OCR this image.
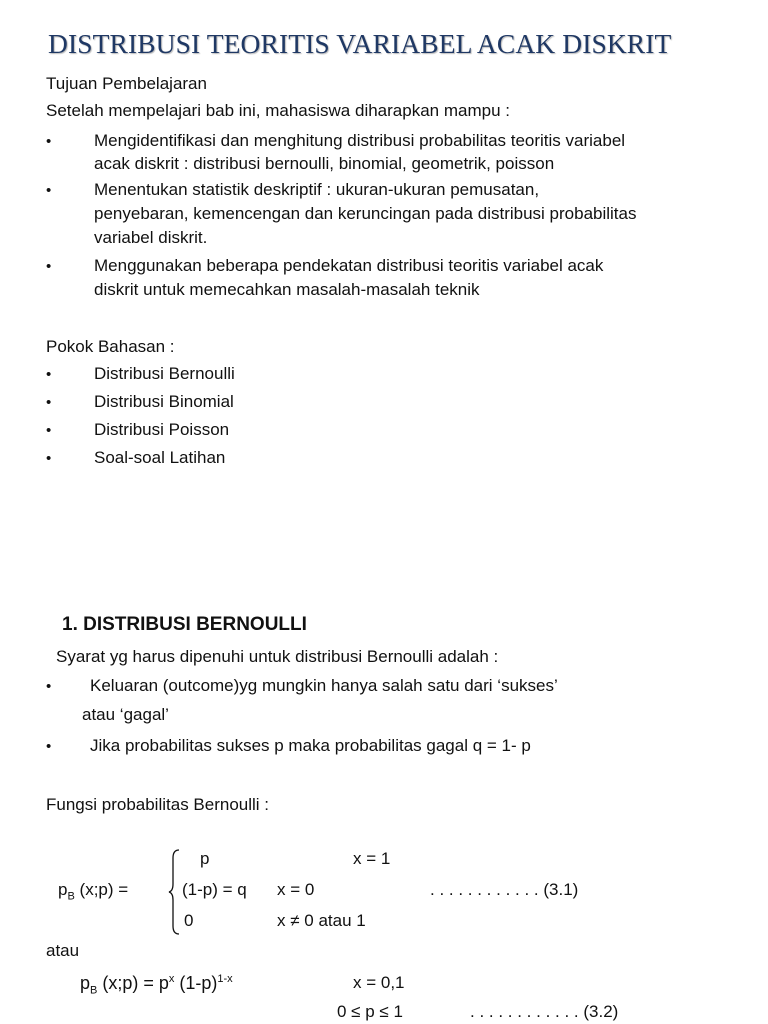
DISTRIBUSI TEORITIS VARIABEL ACAK DISKRIT
Tujuan Pembelajaran
Setelah mempelajari bab ini, mahasiswa diharapkan mampu :
•	Mengidentifikasi dan menghitung distribusi probabilitas teoritis variabel
acak diskrit : distribusi bernoulli, binomial, geometrik, poisson
•	Menentukan statistik deskriptif : ukuran-ukuran pemusatan,
penyebaran, kemencengan dan keruncingan pada distribusi probabilitas
variabel diskrit.
•	Menggunakan beberapa pendekatan distribusi teoritis variabel acak
diskrit untuk memecahkan masalah-masalah teknik
Pokok Bahasan :
•	Distribusi Bernoulli
•	Distribusi Binomial
•	Distribusi Poisson
•	Soal-soal Latihan
1. DISTRIBUSI BERNOULLI
Syarat yg harus dipenuhi untuk distribusi Bernoulli adalah :
• Keluaran (outcome)yg mungkin hanya salah satu dari ‘sukses’
atau ‘gagal’
• Jika probabilitas sukses p maka probabilitas gagal q = 1- p
Fungsi probabilitas Bernoulli :
$p_B$ (x;p) =
p	x = 1
(1-p) = q x = 0	. . . . . . . . . . . . (3.1)
0	x ≠ 0 atau 1
atau
$p_B$ (x;p) = $p^x$ $(1-p)^{1-x}$	x = 0,1
0 ≤ p ≤ 1	. . . . . . . . . . . . (3.2)
